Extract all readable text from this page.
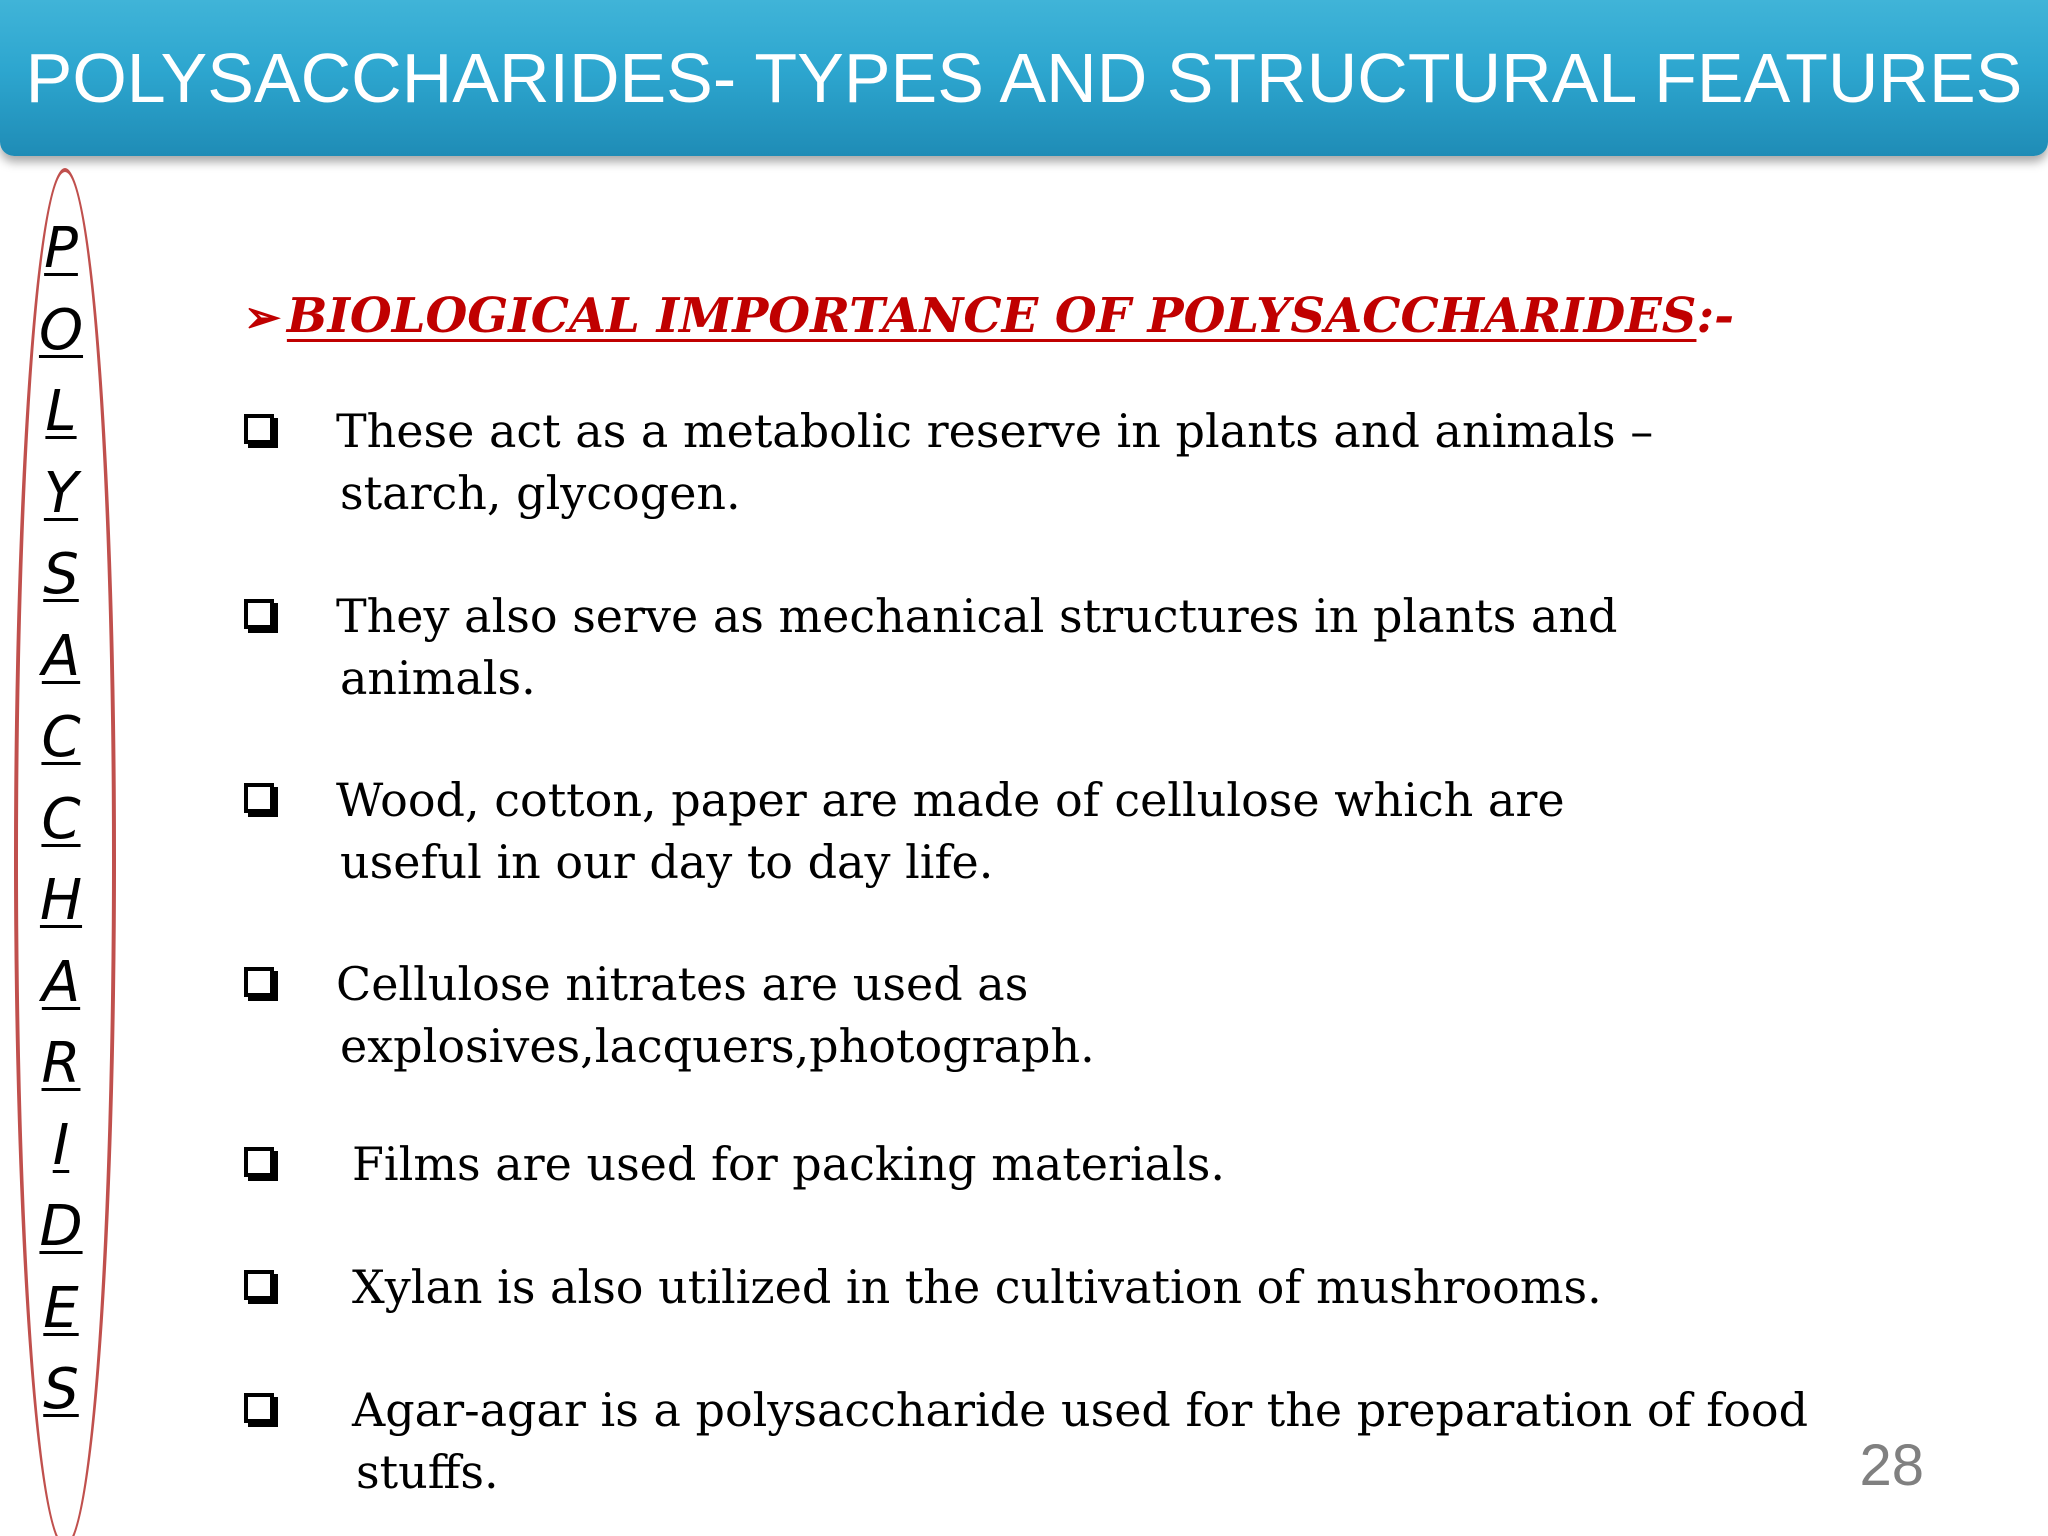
POLYSACCHARIDES- TYPES AND STRUCTURAL FEATURES
P
O
L
Y
S
A
C
C
H
A
R
I
D
E
S
➢ BIOLOGICAL IMPORTANCE OF POLYSACCHARIDES:-
These act as a metabolic reserve in plants and animals –
starch, glycogen.
They also serve as mechanical structures in plants and
animals.
Wood, cotton, paper are made of cellulose which are
useful in our day to day life.
Cellulose nitrates are used as
explosives,lacquers,photograph.
Films are used for packing materials.
Xylan is also utilized in the cultivation of mushrooms.
Agar-agar is a polysaccharide used for the preparation of food
stuffs.	28
